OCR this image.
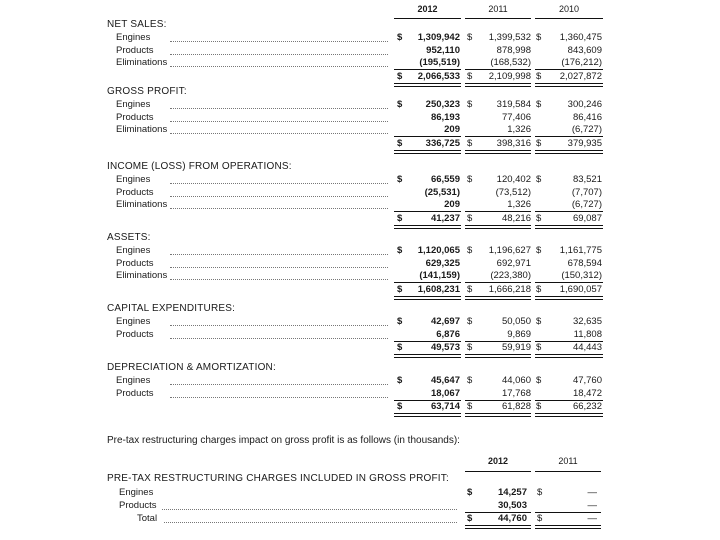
2012	2011	2010
NET SALES:
Engines	$	1,309,942 $	1,399,532 $	1,360,475
Products	952,110	878,998	843,609
Eliminations	(195,519)	(168,532)	(176,212)
$	2,066,533 $	2,109,998 $	2,027,872
GROSS PROFIT:
Engines	$	250,323 $	319,584 $	300,246
Products	86,193	77,406	86,416
Eliminations	209	1,326	(6,727)
$	336,725 $	398,316 $	379,935
INCOME (LOSS) FROM OPERATIONS:
Engines	$	66,559 $	120,402 $	83,521
Products	(25,531)	(73,512)	(7,707)
Eliminations	209	1,326	(6,727)
$	41,237 $	48,216 $	69,087
ASSETS:
Engines	$	1,120,065 $	1,196,627 $	1,161,775
Products	629,325	692,971	678,594
Eliminations	(141,159)	(223,380)	(150,312)
$	1,608,231 $	1,666,218 $	1,690,057
CAPITAL EXPENDITURES:
Engines	$	42,697 $	50,050 $	32,635
Products	6,876	9,869	11,808
$	49,573 $	59,919 $	44,443
DEPRECIATION & AMORTIZATION:
Engines	$	45,647 $	44,060 $	47,760
Products	18,067	17,768	18,472
$	63,714 $	61,828 $	66,232
Pre-tax restructuring charges impact on gross profit is as follows (in thousands):
2012	2011
PRE-TAX RESTRUCTURING CHARGES INCLUDED IN GROSS PROFIT:
Engines	$	14,257 $	—
Products	30,503	—
Total	$	44,760 $	—
